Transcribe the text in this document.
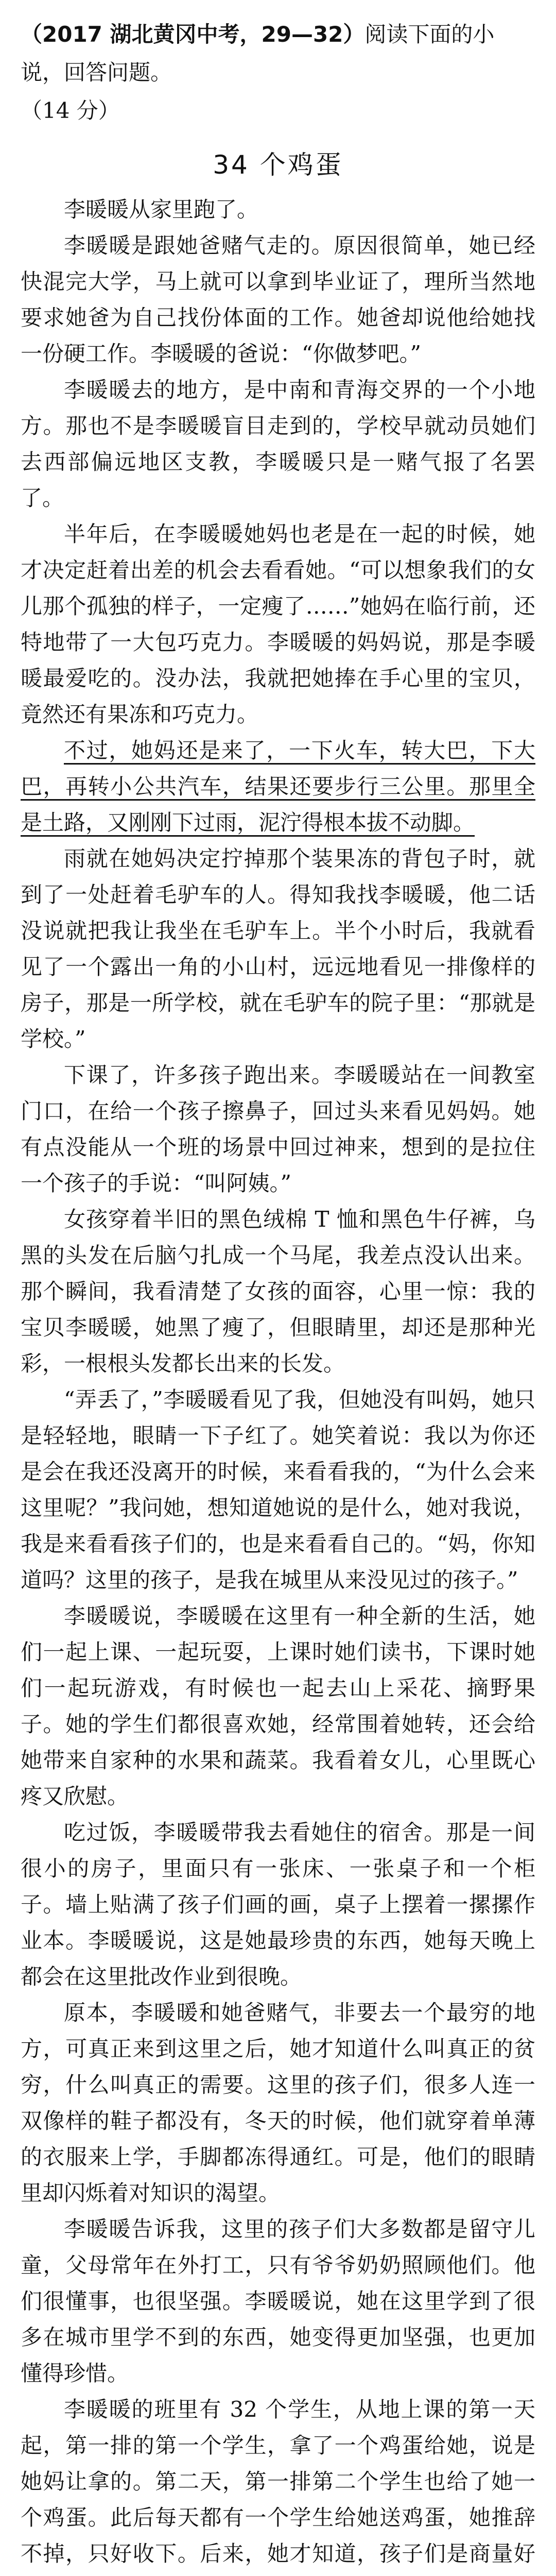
（2017 湖北黄冈中考，29—32）阅读下面的小说，回答问题。

（14 分）

34 个鸡蛋

李暖暖从家里跑了。

李暖暖是跟她爸赌气走的。原因很简单，她已经快混完大学，马上就可以拿到毕业证了，理所当然地要求她爸为自己找份体面的工作。她爸却说他给她找一份硬工作。李暖暖的爸说：“你做梦吧。”

李暖暖去的地方，是中南和青海交界的一个小地方。那也不是李暖暖盲目走到的，学校早就动员她们去西部偏远地区支教，李暖暖只是一赌气报了名罢了。

半年后，在李暖暖她妈也老是在一起的时候，她才决定赶着出差的机会去看看她。“可以想象我们的女儿那个孤独的样子，一定瘦了……”她妈在临行前，还特地带了一大包巧克力。李暖暖的妈妈说，那是李暖暖最爱吃的。没办法，我就把她捧在手心里的宝贝，竟然还有果冻和巧克力。

不过，她妈还是来了，一下火车，转大巴，下大巴，再转小公共汽车，结果还要步行三公里。那里全是土路，又刚刚下过雨，泥泞得根本拔不动脚。

雨就在她妈决定拧掉那个装果冻的背包子时，就到了一处赶着毛驴车的人。得知我找李暖暖，他二话没说就把我让我坐在毛驴车上。半个小时后，我就看见了一个露出一角的小山村，远远地看见一排像样的房子，那是一所学校，就在毛驴车的院子里：“那就是学校。”

下课了，许多孩子跑出来。李暖暖站在一间教室门口，在给一个孩子擦鼻子，回过头来看见妈妈。她有点没能从一个班的场景中回过神来，想到的是拉住一个孩子的手说：“叫阿姨。”

女孩穿着半旧的黑色绒棉 T 恤和黑色牛仔裤，乌黑的头发在后脑勺扎成一个马尾，我差点没认出来。那个瞬间，我看清楚了女孩的面容，心里一惊：我的宝贝李暖暖，她黑了瘦了，但眼睛里，却还是那种光彩，一根根头发都长出来的长发。

“弄丢了，”李暖暖看见了我，但她没有叫妈，她只是轻轻地，眼睛一下子红了。她笑着说：我以为你还是会在我还没离开的时候，来看看我的，“为什么会来这里呢？”我问她，想知道她说的是什么，她对我说，我是来看看孩子们的，也是来看看自己的。“妈，你知道吗？这里的孩子，是我在城里从来没见过的孩子。”

李暖暖说，李暖暖在这里有一种全新的生活，她们一起上课、一起玩耍，上课时她们读书，下课时她们一起玩游戏，有时候也一起去山上采花、摘野果子。她的学生们都很喜欢她，经常围着她转，还会给她带来自家种的水果和蔬菜。我看着女儿，心里既心疼又欣慰。

吃过饭，李暖暖带我去看她住的宿舍。那是一间很小的房子，里面只有一张床、一张桌子和一个柜子。墙上贴满了孩子们画的画，桌子上摆着一摞摞作业本。李暖暖说，这是她最珍贵的东西，她每天晚上都会在这里批改作业到很晚。

原本，李暖暖和她爸赌气，非要去一个最穷的地方，可真正来到这里之后，她才知道什么叫真正的贫穷，什么叫真正的需要。这里的孩子们，很多人连一双像样的鞋子都没有，冬天的时候，他们就穿着单薄的衣服来上学，手脚都冻得通红。可是，他们的眼睛里却闪烁着对知识的渴望。

李暖暖告诉我，这里的孩子们大多数都是留守儿童，父母常年在外打工，只有爷爷奶奶照顾他们。他们很懂事，也很坚强。李暖暖说，她在这里学到了很多在城市里学不到的东西，她变得更加坚强，也更加懂得珍惜。

李暖暖的班里有 32 个学生，从地上课的第一天起，第一排的第一个学生，拿了一个鸡蛋给她，说是她妈让拿的。第二天，第一排第二个学生也给了她一个鸡蛋。此后每天都有一个学生给她送鸡蛋，她推辞不掉，只好收下。后来，她才知道，孩子们是商量好
